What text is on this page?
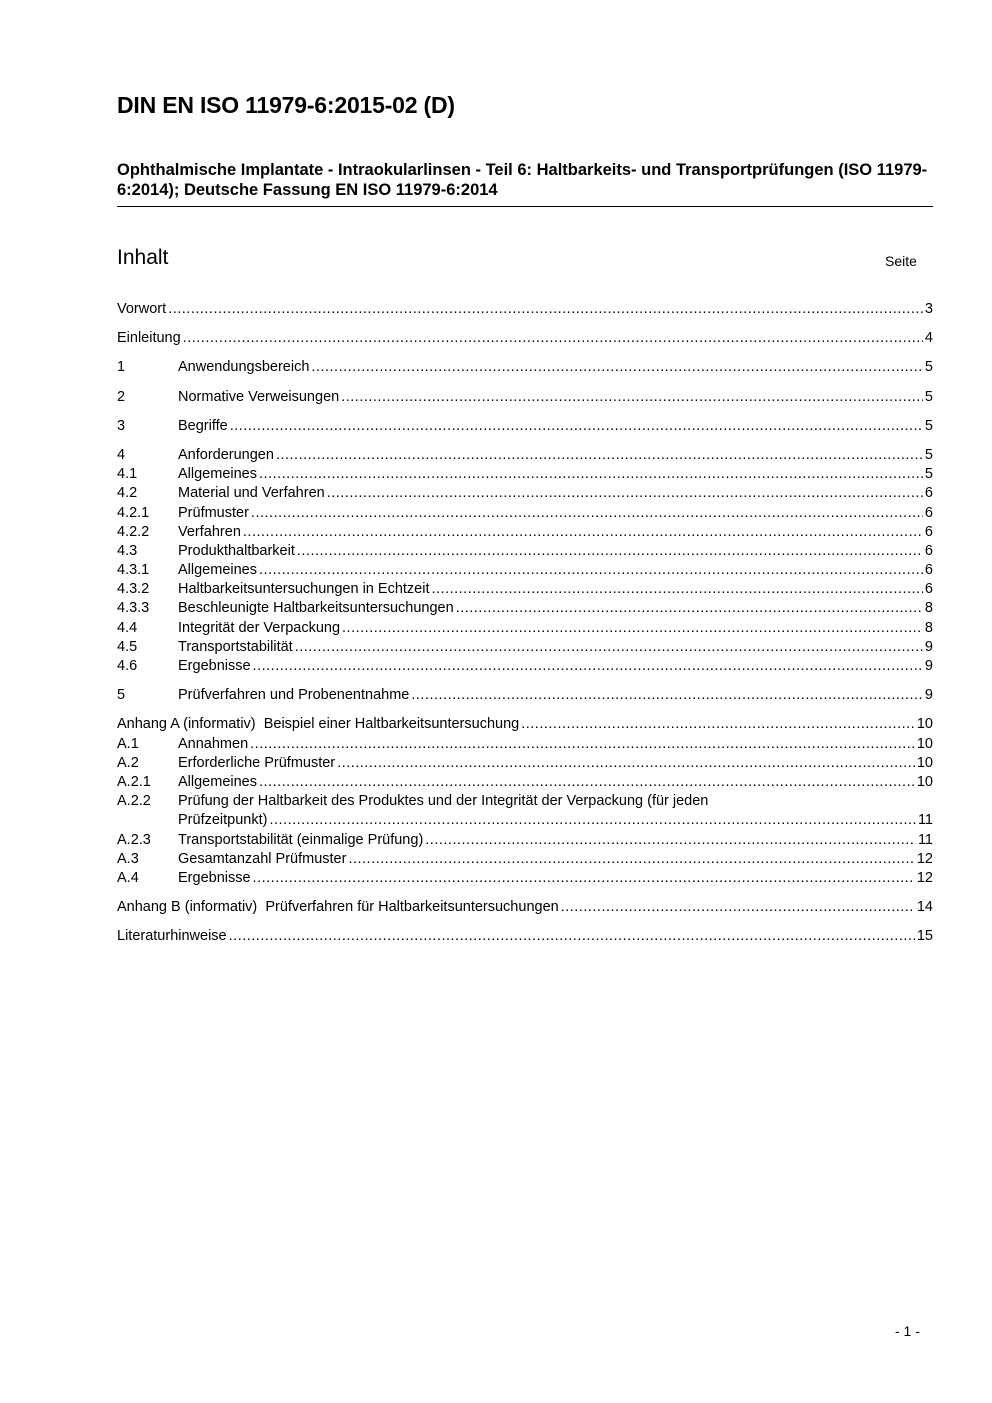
DIN EN ISO 11979-6:2015-02 (D)

Ophthalmische Implantate - Intraokularlinsen - Teil 6: Haltbarkeits- und Transportprüfungen (ISO 11979-6:2014); Deutsche Fassung EN ISO 11979-6:2014

Inhalt	Seite
Vorwort .....	3
Einleitung .....	4
1	Anwendungsbereich .....	5
2	Normative Verweisungen .....	5
3	Begriffe .....	5
4	Anforderungen .....	5
4.1	Allgemeines .....	5
4.2	Material und Verfahren .....	6
4.2.1 Prüfmuster .....	6
4.2.2 Verfahren .....	6
4.3	Produkthaltbarkeit .....	6
4.3.1 Allgemeines .....	6
4.3.2 Haltbarkeitsuntersuchungen in Echtzeit .....	6
4.3.3 Beschleunigte Haltbarkeitsuntersuchungen .....	8
4.4	Integrität der Verpackung .....	8
4.5	Transportstabilität .....	9
4.6	Ergebnisse .....	9
5	Prüfverfahren und Probenentnahme .....	9
Anhang A (informativ) Beispiel einer Haltbarkeitsuntersuchung .....	10
A.1	Annahmen .....	10
A.2	Erforderliche Prüfmuster .....	10
A.2.1 Allgemeines .....	10
A.2.2 Prüfung der Haltbarkeit des Produktes und der Integrität der Verpackung (für jeden
Prüfzeitpunkt) .....	11
A.2.3 Transportstabilität (einmalige Prüfung) .....	11
A.3	Gesamtanzahl Prüfmuster .....	12
A.4	Ergebnisse .....	12
Anhang B (informativ) Prüfverfahren für Haltbarkeitsuntersuchungen .....	14
Literaturhinweise .....	15
- 1 -
